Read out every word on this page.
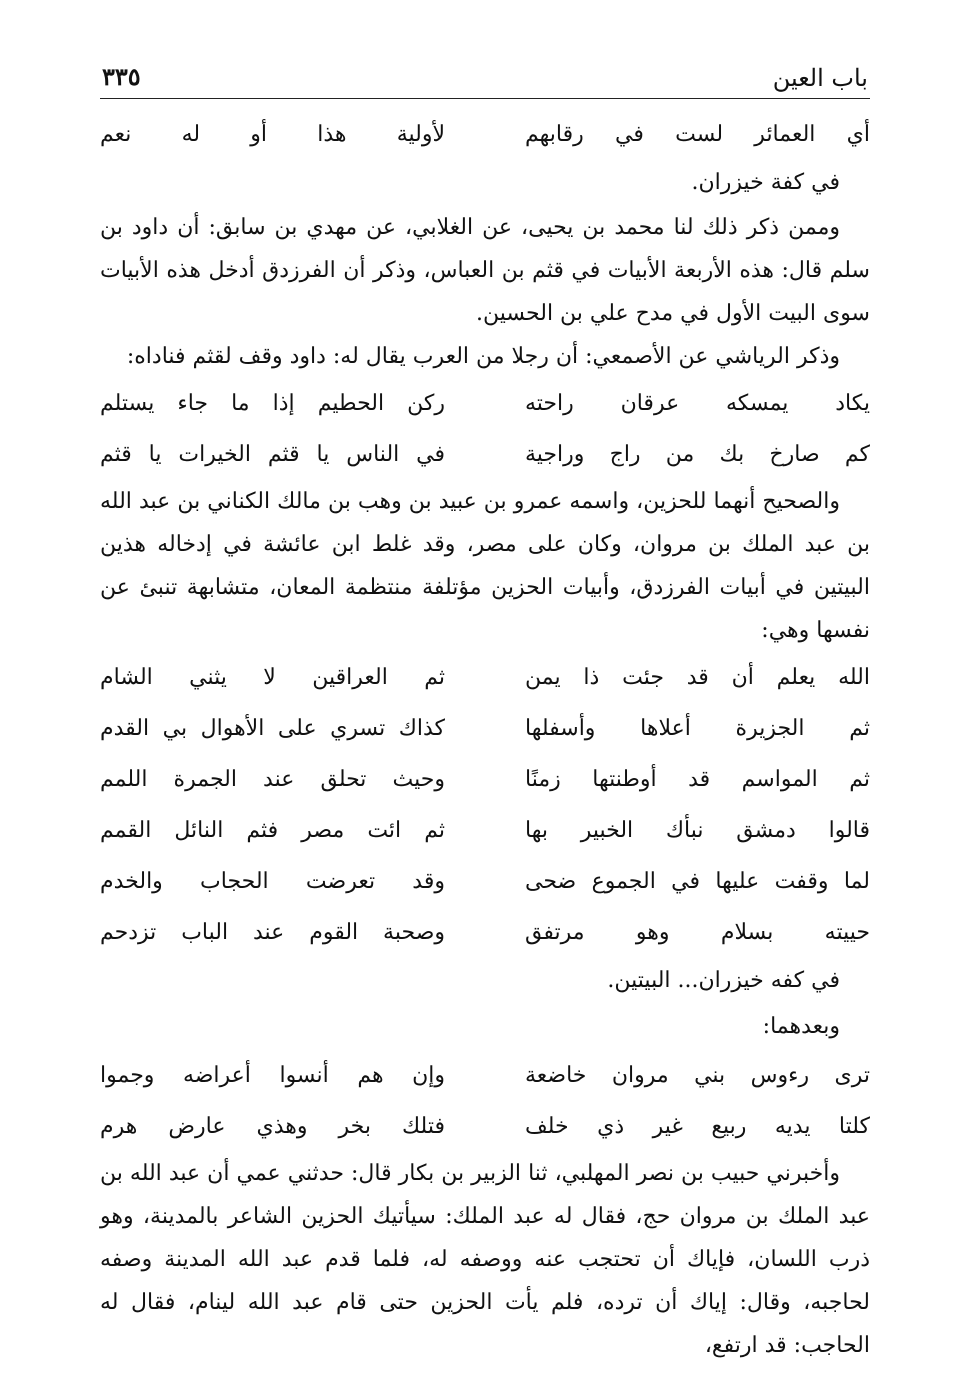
باب العين
٣٣٥
أي العمائر لست في رقابهم
لأولية هذا أو له نعم
في كفة خيزران.

وممن ذكر ذلك لنا محمد بن يحيى، عن الغلابي، عن مهدي بن سابق: أن داود بن سلم قال: هذه الأربعة الأبيات في قثم بن العباس، وذكر أن الفرزدق أدخل هذه الأبيات سوى البيت الأول في مدح علي بن الحسين.

وذكر الرياشي عن الأصمعي: أن رجلا من العرب يقال له: داود وقف لقثم فناداه:

يكاد يمسكه عرقان راحته
ركن الحطيم إذا ما جاء يستلم
كم صارخ بك من راج وراجية
في الناس يا قثم الخيرات يا قثم

والصحيح أنهما للحزين، واسمه عمرو بن عبيد بن وهب بن مالك الكناني بن عبد الله بن عبد الملك بن مروان، وكان على مصر، وقد غلط ابن عائشة في إدخاله هذين البيتين في أبيات الفرزدق، وأبيات الحزين مؤتلفة منتظمة المعان، متشابهة تنبئ عن نفسها وهي:

الله يعلم أن قد جئت ذا يمن
ثم العراقين لا يثني الشام
ثم الجزيرة أعلاها وأسفلها
كذاك تسري على الأهوال بي القدم
ثم المواسم قد أوطنتها زمنًا
وحيث تحلق عند الجمرة اللمم
قالوا دمشق نبأك الخبير بها
ثم ائت مصر فثم النائل القمم
لما وقفت عليها في الجموع ضحى
وقد تعرضت الحجاب والخدم
حييته بسلام وهو مرتفق
وصحبة القوم عند الباب تزدحم
في كفه خيزران... البيتين.
وبعدهما:
ترى رءوس بني مروان خاضعة
وإن هم أنسوا أعراضه وجموا
كلتا يديه ربيع غير ذي خلف
فتلك بخر وهذي عارض هرم

وأخبرني حبيب بن نصر المهلبي، ثنا الزبير بن بكار قال: حدثني عمي أن عبد الله بن عبد الملك بن مروان حج، فقال له عبد الملك: سيأتيك الحزين الشاعر بالمدينة، وهو ذرب اللسان، فإياك أن تحتجب عنه ووصفه له، فلما قدم عبد الله المدينة وصفه لحاجبه، وقال: إياك أن ترده، فلم يأت الحزين حتى قام عبد الله لينام، فقال له الحاجب: قد ارتفع،
